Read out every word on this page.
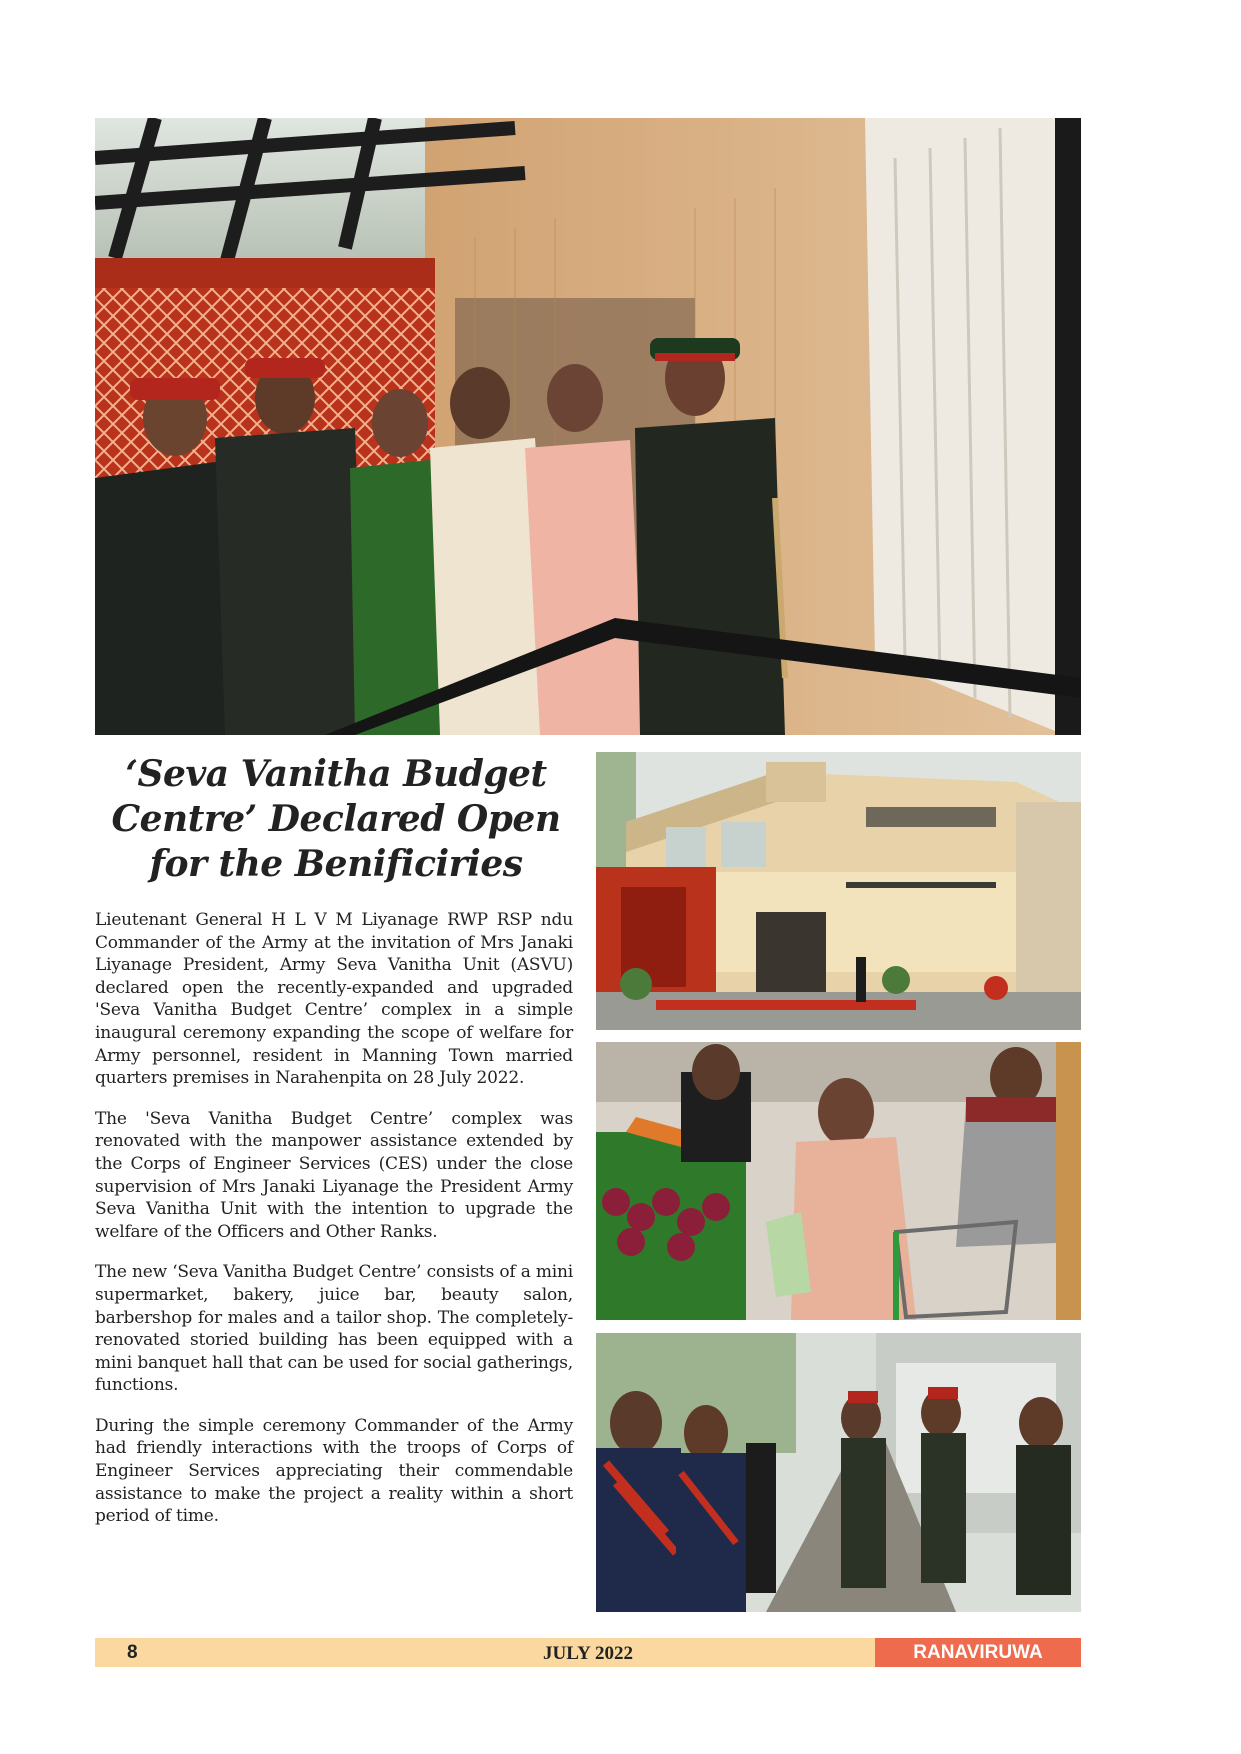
‘Seva Vanitha Budget Centre’ Declared Open for the Benificiries

Lieutenant General H L V M Liyanage RWP RSP ndu Commander of the Army at the invitation of Mrs Janaki Liyanage President, Army Seva Vanitha Unit (ASVU) declared open the recently-expanded and upgraded 'Seva Vanitha Budget Centre’ complex in a simple inaugural ceremony expanding the scope of welfare for Army personnel, resident in Manning Town married quarters premises in Narahenpita on 28 July 2022.

The 'Seva Vanitha Budget Centre’ complex was renovated with the manpower assistance extended by the Corps of Engineer Services (CES) under the close supervision of Mrs Janaki Liyanage the President Army Seva Vanitha Unit with the intention to upgrade the welfare of the Officers and Other Ranks.

The new ‘Seva Vanitha Budget Centre’ consists of a mini supermarket, bakery, juice bar, beauty salon, barbershop for males and a tailor shop. The completely-renovated storied building has been equipped with a mini banquet hall that can be used for social gatherings, functions.

During the simple ceremony Commander of the Army had friendly interactions with the troops of Corps of Engineer Services appreciating their commendable assistance to make the project a reality within a short period of time.

8	JULY 2022	RANAVIRUWA
